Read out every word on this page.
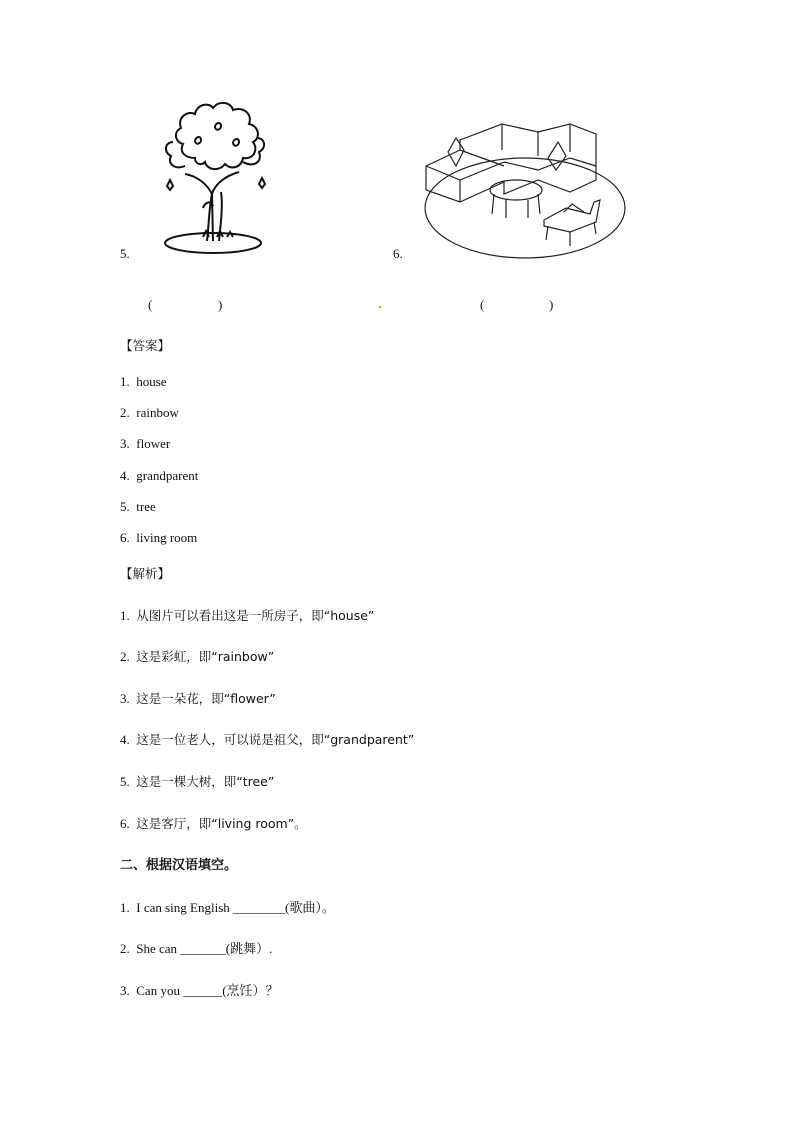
5.	6.
(	)	(	)
【答案】
1. house
2. rainbow
3. flower
4. grandparent
5. tree
6. living room
【解析】
1. 从图片可以看出这是一所房子，即“house”
2. 这是彩虹，即“rainbow”
3. 这是一朵花，即“flower”
4. 这是一位老人，可以说是祖父，即“grandparent”
5. 这是一棵大树，即“tree”
6. 这是客厅，即“living room”。
二、根据汉语填空。
1. I can sing English ________(歌曲）。
2. She can _______(跳舞）.
3. Can you ______(烹饪）？
